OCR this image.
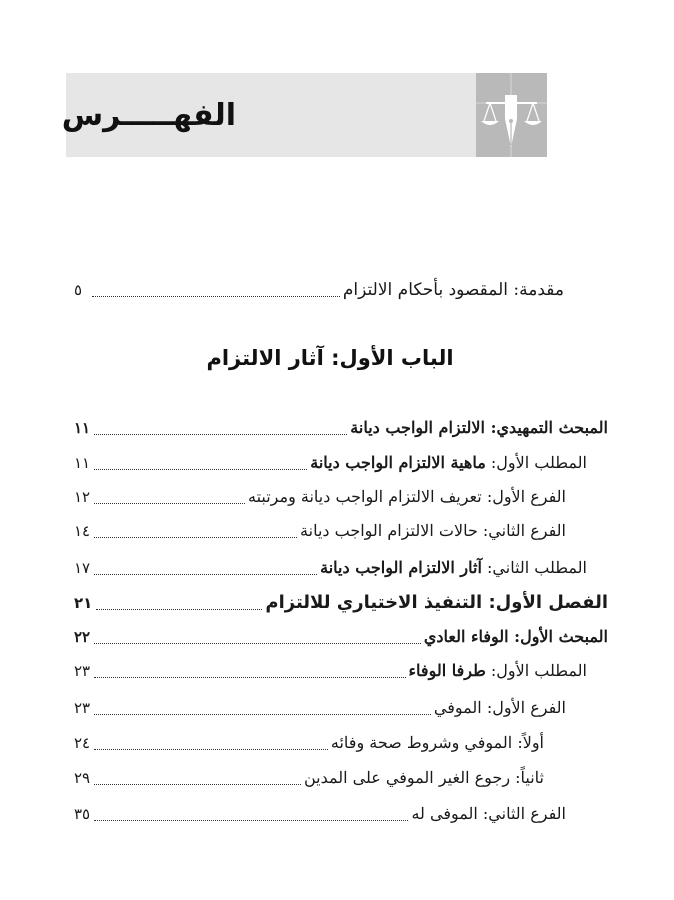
الفهـــــرس
مقدمة: المقصود بأحكام الالتزام
٥
الباب الأول: آثار الالتزام
المبحث التمهيدي: الالتزام الواجب ديانة
١١
المطلب الأول: ماهية الالتزام الواجب ديانة
١١
الفرع الأول: تعريف الالتزام الواجب ديانة ومرتبته
١٢
الفرع الثاني: حالات الالتزام الواجب ديانة
١٤
المطلب الثاني: آثار الالتزام الواجب ديانة
١٧
الفصل الأول: التنفيذ الاختياري للالتزام
٢١
المبحث الأول: الوفاء العادي
٢٢
المطلب الأول: طرفا الوفاء
٢٣
الفرع الأول: الموفي
٢٣
أولاً: الموفي وشروط صحة وفائه
٢٤
ثانياً: رجوع الغير الموفي على المدين
٢٩
الفرع الثاني: الموفى له
٣٥
